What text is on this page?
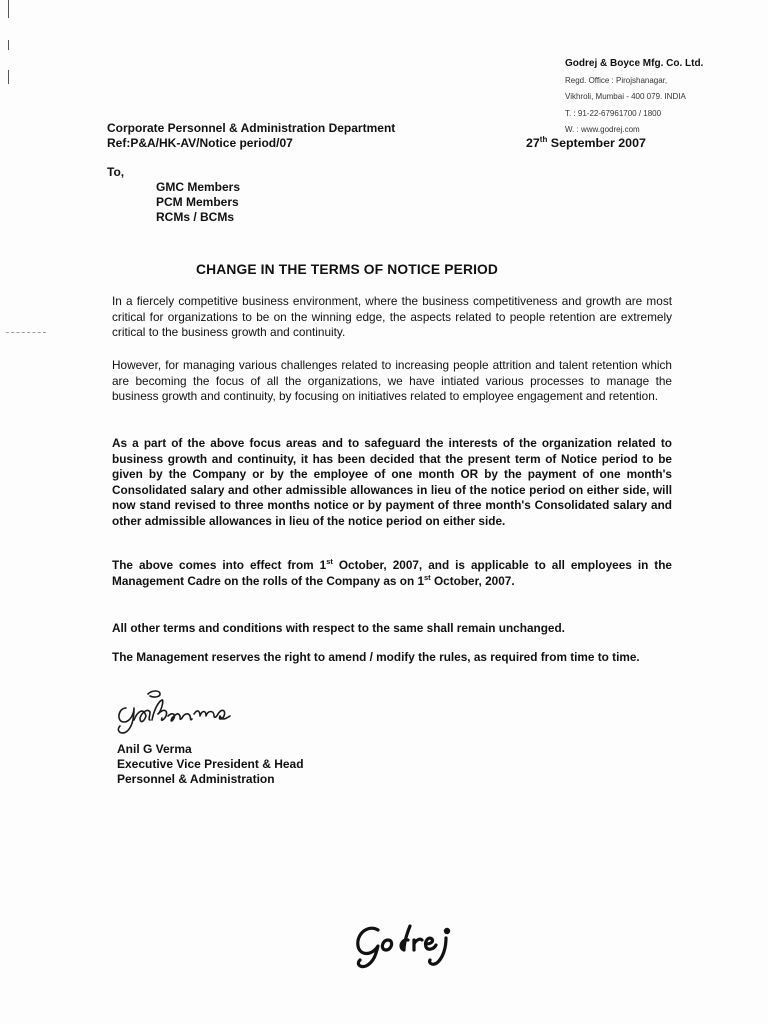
Godrej & Boyce Mfg. Co. Ltd.
Regd. Office : Pirojshanagar,
Vikhroli, Mumbai - 400 079. INDIA
T. : 91-22-67961700 / 1800
W. : www.godrej.com
Corporate Personnel & Administration Department
Ref:P&A/HK-AV/Notice period/07	27th September 2007
To,
GMC Members
PCM Members
RCMs / BCMs
CHANGE IN THE TERMS OF NOTICE PERIOD
In a fiercely competitive business environment, where the business competitiveness and growth are most critical for organizations to be on the winning edge, the aspects related to people retention are extremely critical to the business growth and continuity.
However, for managing various challenges related to increasing people attrition and talent retention which are becoming the focus of all the organizations, we have intiated various processes to manage the business growth and continuity, by focusing on initiatives related to employee engagement and retention.
As a part of the above focus areas and to safeguard the interests of the organization related to business growth and continuity, it has been decided that the present term of Notice period to be given by the Company or by the employee of one month OR by the payment of one month's Consolidated salary and other admissible allowances in lieu of the notice period on either side, will now stand revised to three months notice or by payment of three month's Consolidated salary and other admissible allowances in lieu of the notice period on either side.
The above comes into effect from 1st October, 2007, and is applicable to all employees in the Management Cadre on the rolls of the Company as on 1st October, 2007.
All other terms and conditions with respect to the same shall remain unchanged.
The Management reserves the right to amend / modify the rules, as required from time to time.
Anil G Verma
Executive Vice President & Head
Personnel & Administration
